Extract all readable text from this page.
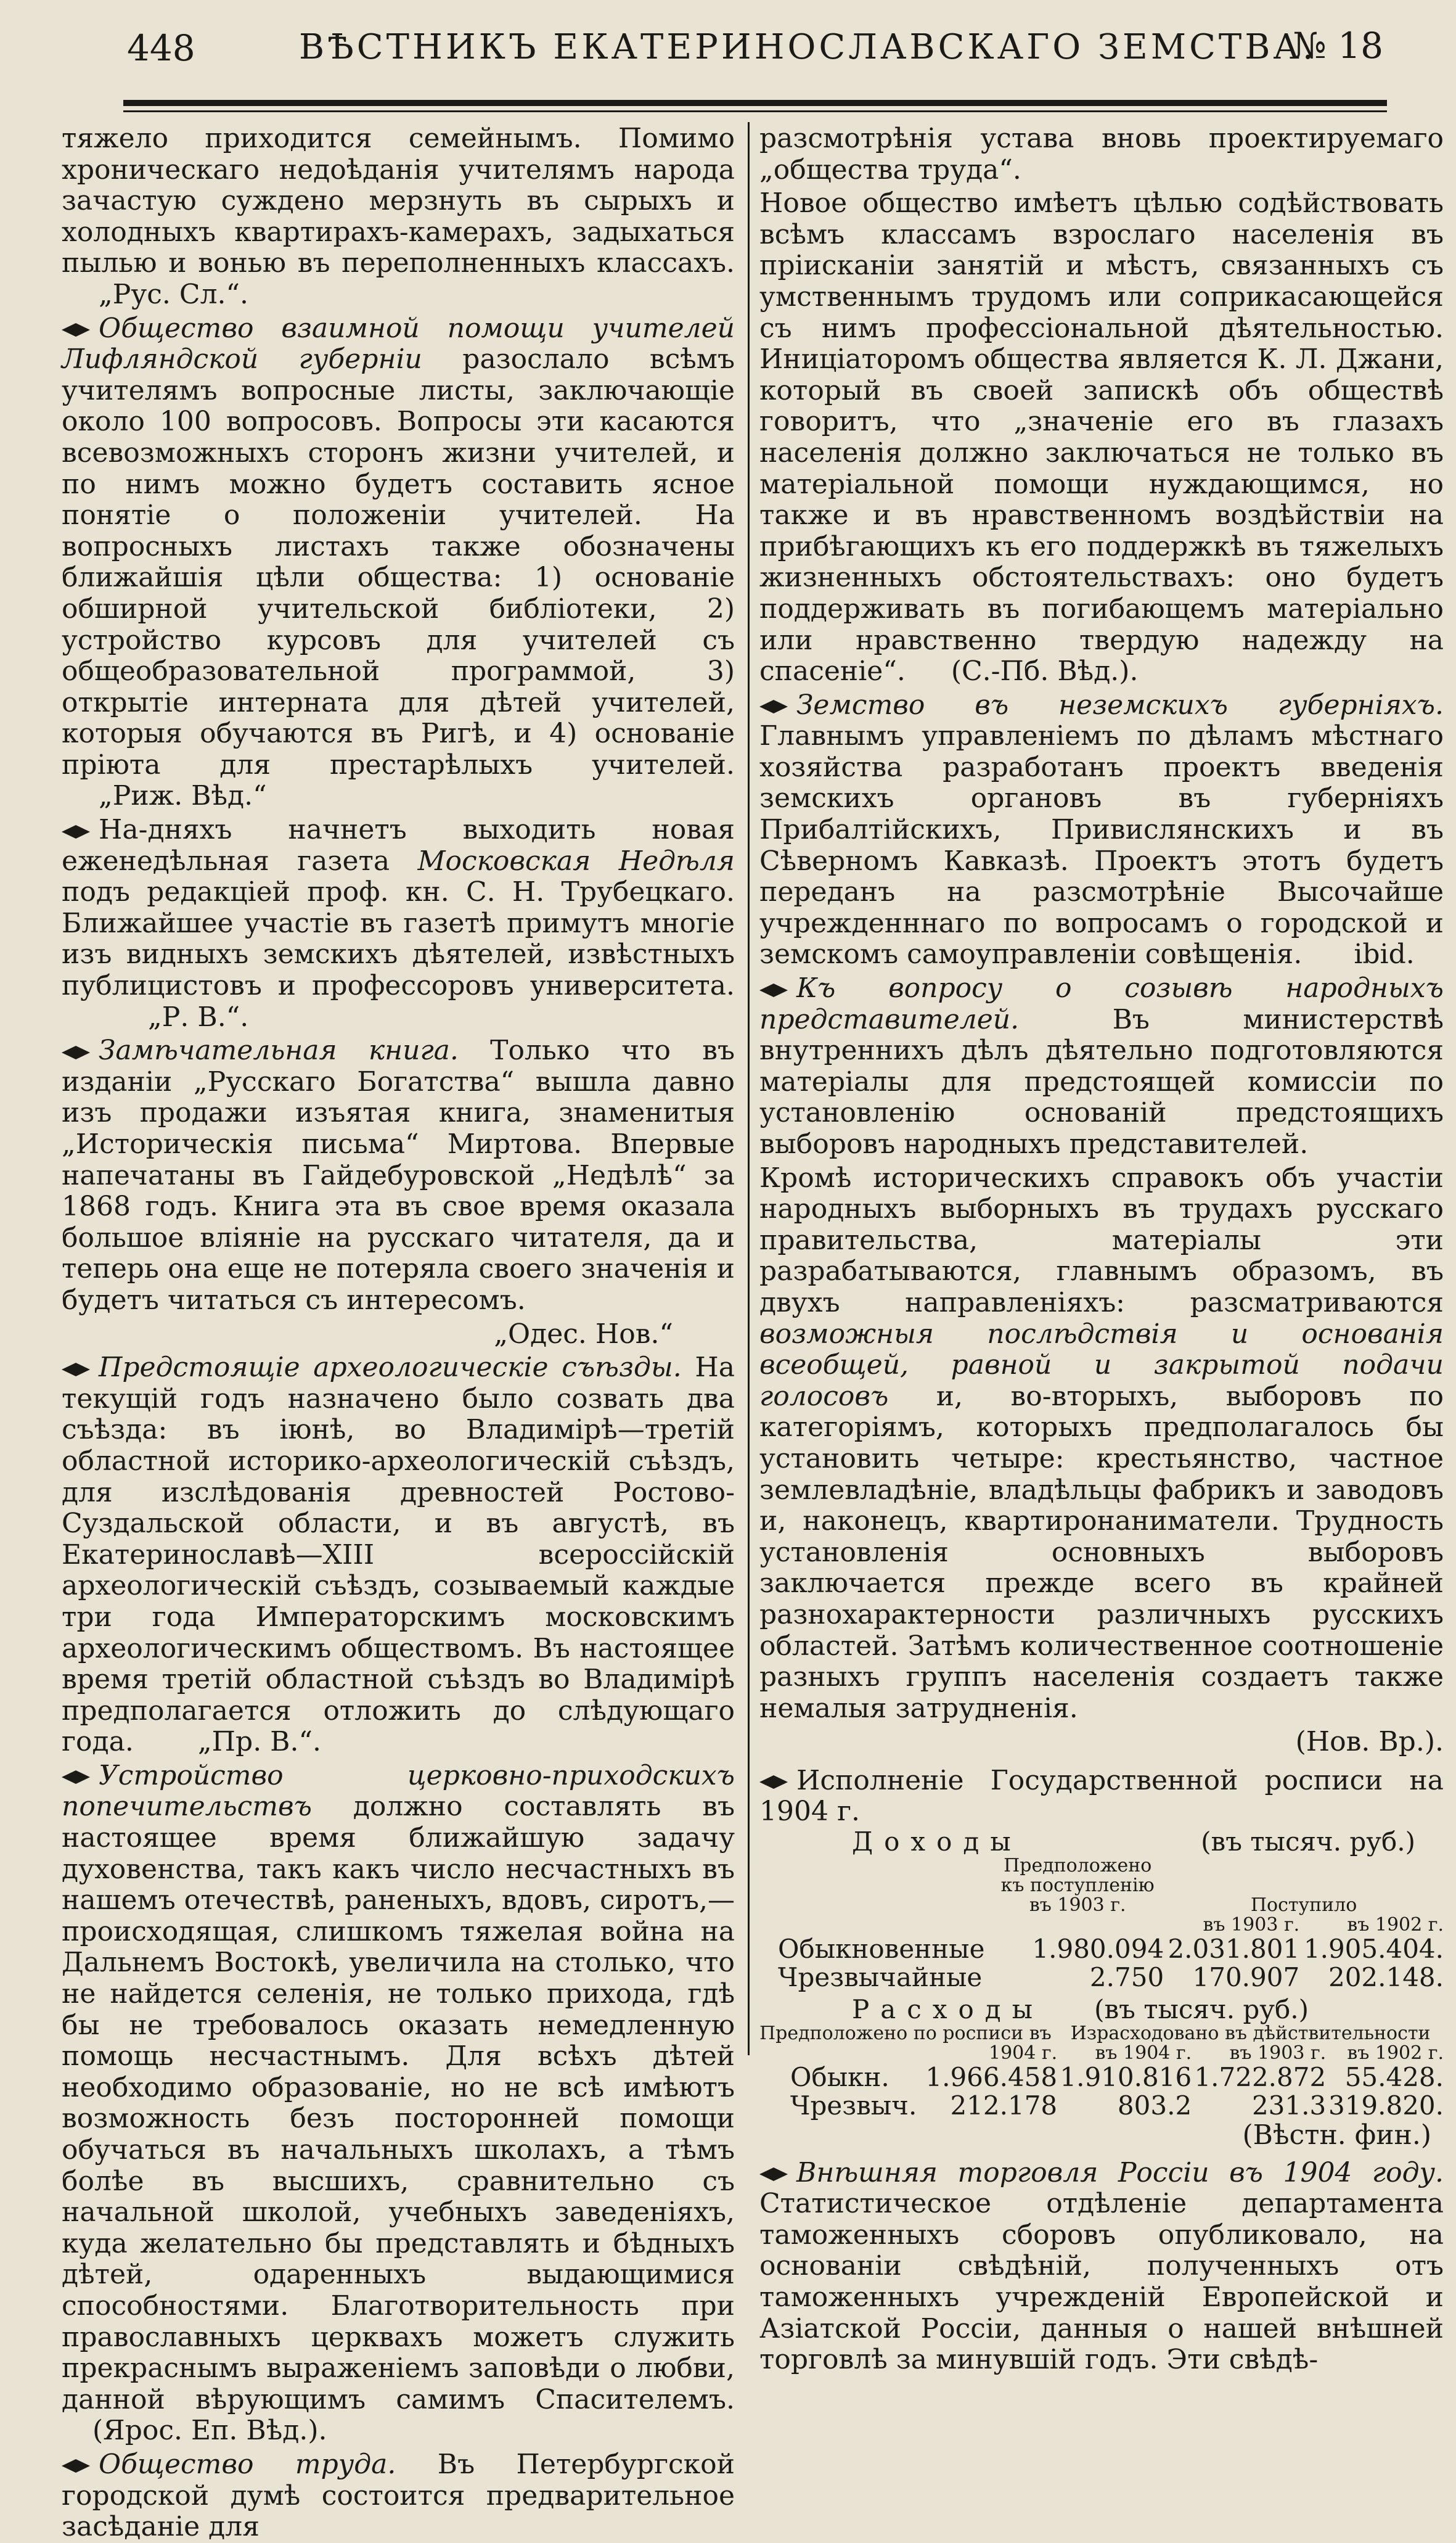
448	ВѢСТНИКЪ ЕКАТЕРИНОСЛАВСКАГО ЗЕМСТВА.
№ 18

тяжело приходится семейнымъ. Помимо хроническаго недоѣданія учителямъ народа зачастую суждено мерзнуть въ сырыхъ и холодныхъ квартирахъ-камерахъ, задыхаться пылью и вонью въ переполненныхъ классахъ. „Рус. Сл.“.

Общество взаимной помощи учителей Лифляндской губерніи разослало всѣмъ учителямъ вопросные листы, заключающіе около 100 вопросовъ. Вопросы эти касаются всевозможныхъ сторонъ жизни учителей, и по нимъ можно будетъ составить ясное понятіе о положеніи учителей. На вопросныхъ листахъ также обозначены ближайшія цѣли общества: 1) основаніе обширной учительской библіотеки, 2) устройство курсовъ для учителей съ общеобразовательной программой, 3) открытіе интерната для дѣтей учителей, которыя обучаются въ Ригѣ, и 4) основаніе пріюта для престарѣлыхъ учителей. „Риж. Вѣд.“

На-дняхъ начнетъ выходить новая еженедѣльная газета Московская Недѣля подъ редакціей проф. кн. С. Н. Трубецкаго. Ближайшее участіе въ газетѣ примутъ многіе изъ видныхъ земскихъ дѣятелей, извѣстныхъ публицистовъ и профессоровъ университета. „Р. В.“.

Замѣчательная книга. Только что въ изданіи „Русскаго Богатства“ вышла давно изъ продажи изъятая книга, знаменитыя „Историческія письма“ Миртова. Впервые напечатаны въ Гайдебуровской „Недѣлѣ“ за 1868 годъ. Книга эта въ свое время оказала большое вліяніе на русскаго читателя, да и теперь она еще не потеряла своего значенія и будетъ читаться съ интересомъ.

„Одес. Нов.“

Предстоящіе археологическіе съѣзды. На текущій годъ назначено было созвать два съѣзда: въ іюнѣ, во Владимірѣ—третій областной историко-археологическій съѣздъ, для изслѣдованія древностей Ростово-Суздальской области, и въ августѣ, въ Екатеринославѣ—XIII всероссійскій археологическій съѣздъ, созываемый каждые три года Императорскимъ московскимъ археологическимъ обществомъ. Въ настоящее время третій областной съѣздъ во Владимірѣ предполагается отложить до слѣдующаго года. „Пр. В.“.

Устройство церковно-приходскихъ попечительствъ должно составлять въ настоящее время ближайшую задачу духовенства, такъ какъ число несчастныхъ въ нашемъ отечествѣ, раненыхъ, вдовъ, сиротъ,—происходящая, слишкомъ тяжелая война на Дальнемъ Востокѣ, увеличила на столько, что не найдется селенія, не только прихода, гдѣ бы не требовалось оказать немедленную помощь несчастнымъ. Для всѣхъ дѣтей необходимо образованіе, но не всѣ имѣютъ возможность безъ посторонней помощи обучаться въ начальныхъ школахъ, а тѣмъ болѣе въ высшихъ, сравнительно съ начальной школой, учебныхъ заведеніяхъ, куда желательно бы представлять и бѣдныхъ дѣтей, одаренныхъ выдающимися способностями. Благотворительность при православныхъ церквахъ можетъ служить прекраснымъ выраженіемъ заповѣди о любви, данной вѣрующимъ самимъ Спасителемъ. (Ярос. Еп. Вѣд.).

Общество труда. Въ Петербургской городской думѣ состоится предварительное засѣданіе для

разсмотрѣнія устава вновь проектируемаго „общества труда“.

Новое общество имѣетъ цѣлью содѣйствовать всѣмъ классамъ взрослаго населенія въ пріисканіи занятій и мѣстъ, связанныхъ съ умственнымъ трудомъ или соприкасающейся съ нимъ профессіональной дѣятельностью. Иниціаторомъ общества является К. Л. Джани, который въ своей запискѣ объ обществѣ говоритъ, что „значеніе его въ глазахъ населенія должно заключаться не только въ матеріальной помощи нуждающимся, но также и въ нравственномъ воздѣйствіи на прибѣгающихъ къ его поддержкѣ въ тяжелыхъ жизненныхъ обстоятельствахъ: оно будетъ поддерживать въ погибающемъ матеріально или нравственно твердую надежду на спасеніе“. (С.-Пб. Вѣд.).

Земство въ неземскихъ губерніяхъ. Главнымъ управленіемъ по дѣламъ мѣстнаго хозяйства разработанъ проектъ введенія земскихъ органовъ въ губерніяхъ Прибалтійскихъ, Привислянскихъ и въ Сѣверномъ Кавказѣ. Проектъ этотъ будетъ переданъ на разсмотрѣніе Высочайше учрежденннаго по вопросамъ о городской и земскомъ самоуправленіи совѣщенія. ibid.

Къ вопросу о созывѣ народныхъ представителей.	Въ министерствѣ внутреннихъ дѣлъ дѣятельно подготовляются матеріалы для предстоящей комиссіи по установленію основаній предстоящихъ выборовъ народныхъ представителей.

Кромѣ историческихъ справокъ объ участіи народныхъ выборныхъ въ трудахъ русскаго правительства, матеріалы эти разрабатываются, главнымъ образомъ, въ двухъ направленіяхъ: разсматриваются возможныя послѣдствія и основанія всеобщей, равной и закрытой подачи голосовъ и, во-вторыхъ, выборовъ по категоріямъ, которыхъ предполагалось бы установить четыре: крестьянство, частное землевладѣніе, владѣльцы фабрикъ и заводовъ и, наконецъ, квартиронаниматели. Трудность установленія основныхъ выборовъ заключается прежде всего въ крайней разнохарактерности различныхъ русскихъ областей. Затѣмъ количественное соотношеніе разныхъ группъ населенія создаетъ также немалыя затрудненія.

(Нов. Вр.).

Исполненіе Государственной росписи на 1904 г.

Доходы		(въ тысяч. руб.)	
	Предположено къ поступленію въ 1903 г.	Поступило	
		въ 1903 г.	въ 1902 г.
Обыкновенные	1.980.094	2.031.801	1.905.404.
Чрезвычайные	2.750	170.907	202.148.
Расходы		(въ тысяч. руб.)		
Предположено по росписи въ		Израсходовано въ дѣйствительности		
	1904 г.	въ 1904 г.	въ 1903 г.	въ 1902 г.
Обыкн.	1.966.458	1.910.816	1.722.872	55.428.
Чрезвыч.	212.178	803.2	231.3	319.820.

(Вѣстн. фин.)

Внѣшняя торговля Россіи въ 1904 году. Статистическое отдѣленіе департамента таможенныхъ сборовъ опубликовало, на основаніи свѣдѣній, полученныхъ отъ таможенныхъ учрежденій Европейской и Азіатской Россіи, данныя о нашей внѣшней торговлѣ за минувшій годъ. Эти свѣдѣ-
